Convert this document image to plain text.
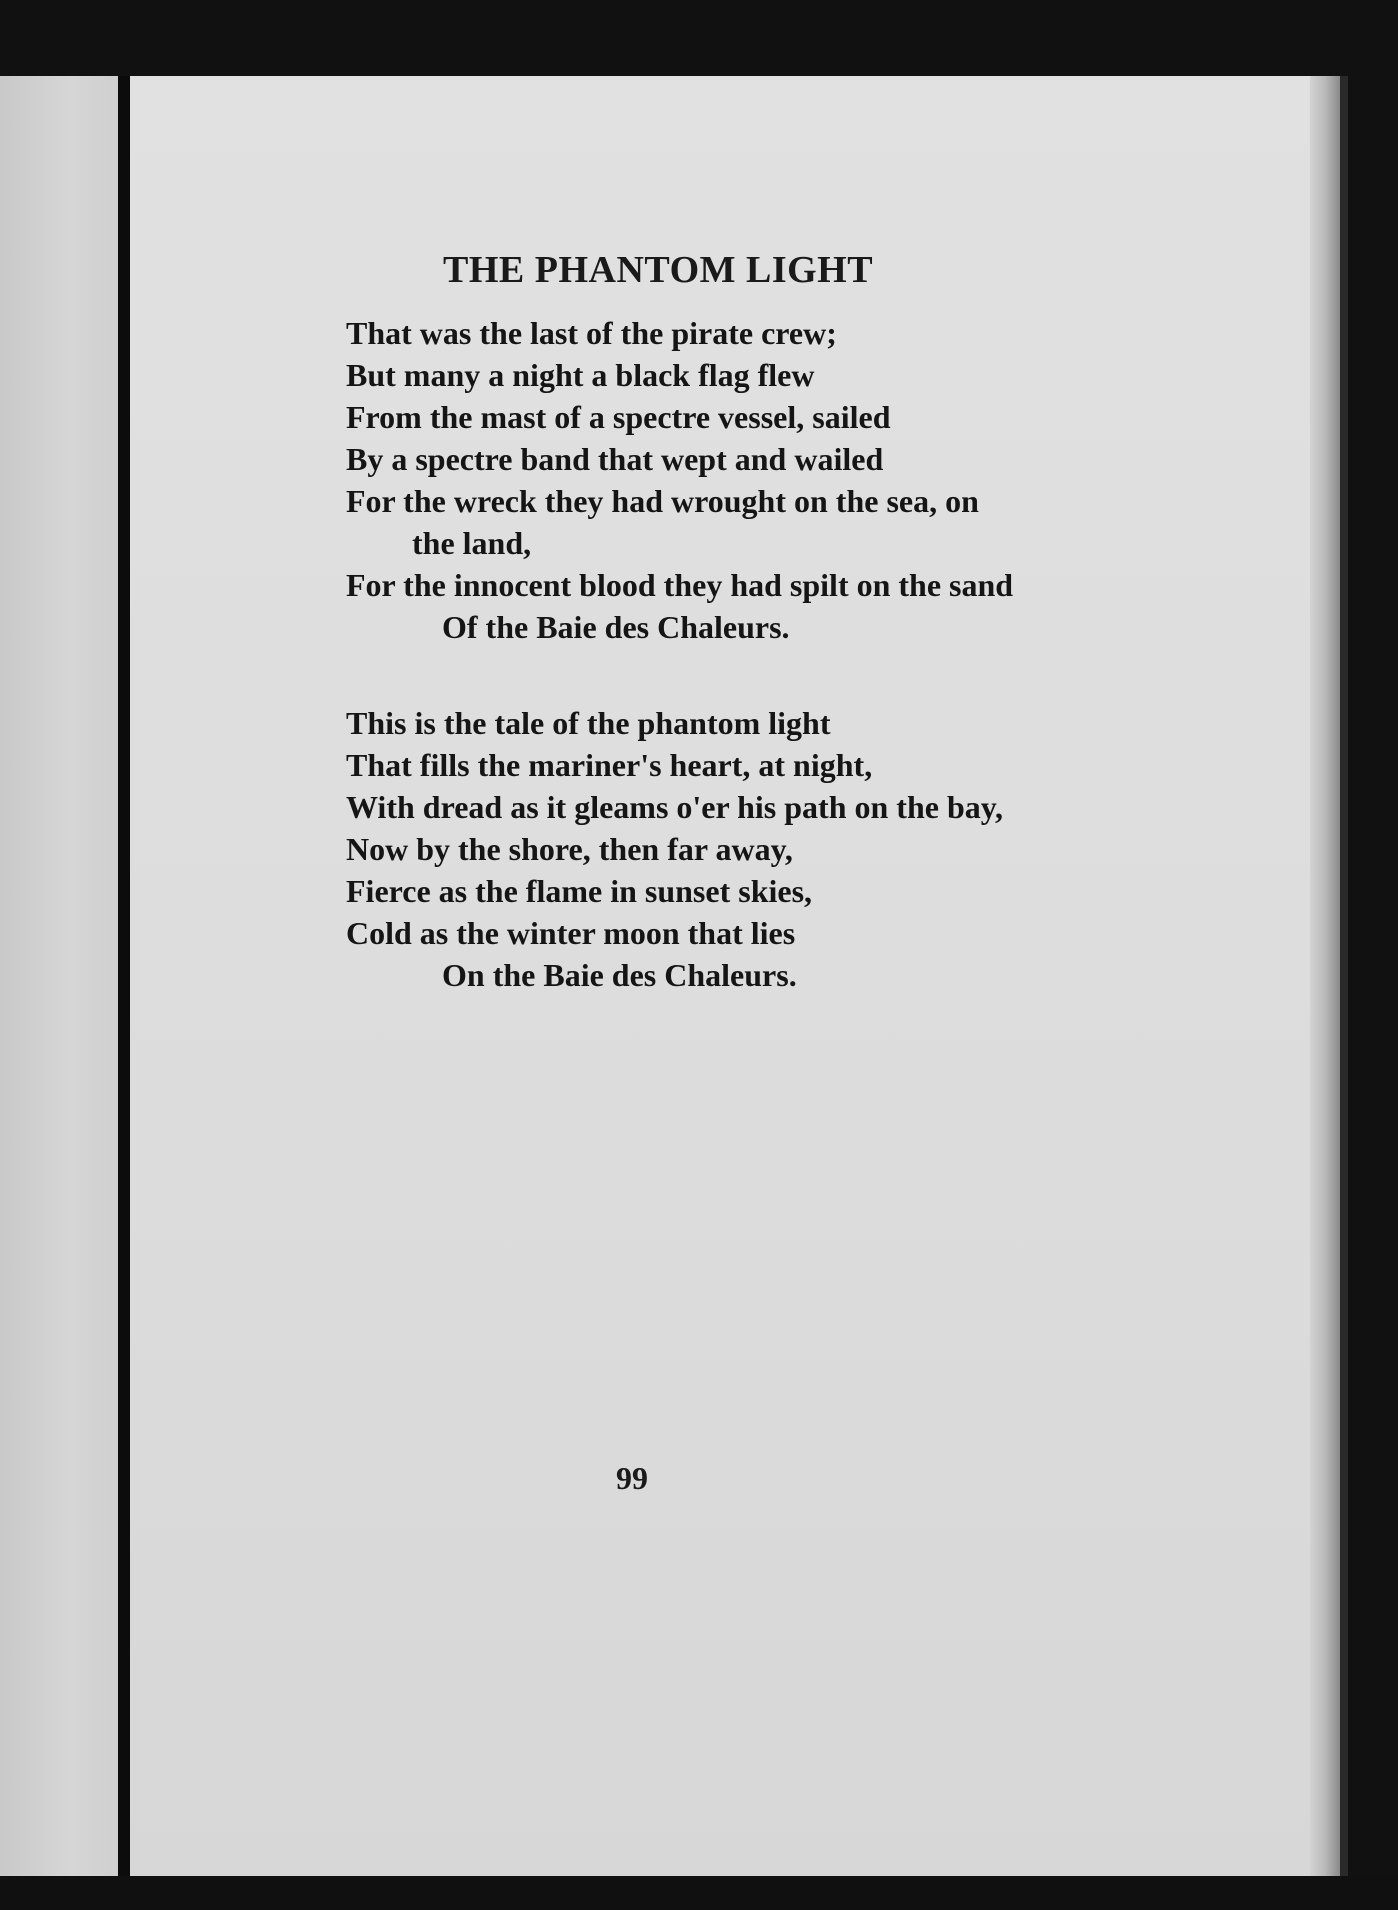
THE PHANTOM LIGHT
That was the last of the pirate crew;
But many a night a black flag flew
From the mast of a spectre vessel, sailed
By a spectre band that wept and wailed
For the wreck they had wrought on the sea, on
the land,
For the innocent blood they had spilt on the sand
Of the Baie des Chaleurs.
This is the tale of the phantom light
That fills the mariner's heart, at night,
With dread as it gleams o'er his path on the bay,
Now by the shore, then far away,
Fierce as the flame in sunset skies,
Cold as the winter moon that lies
On the Baie des Chaleurs.

99
